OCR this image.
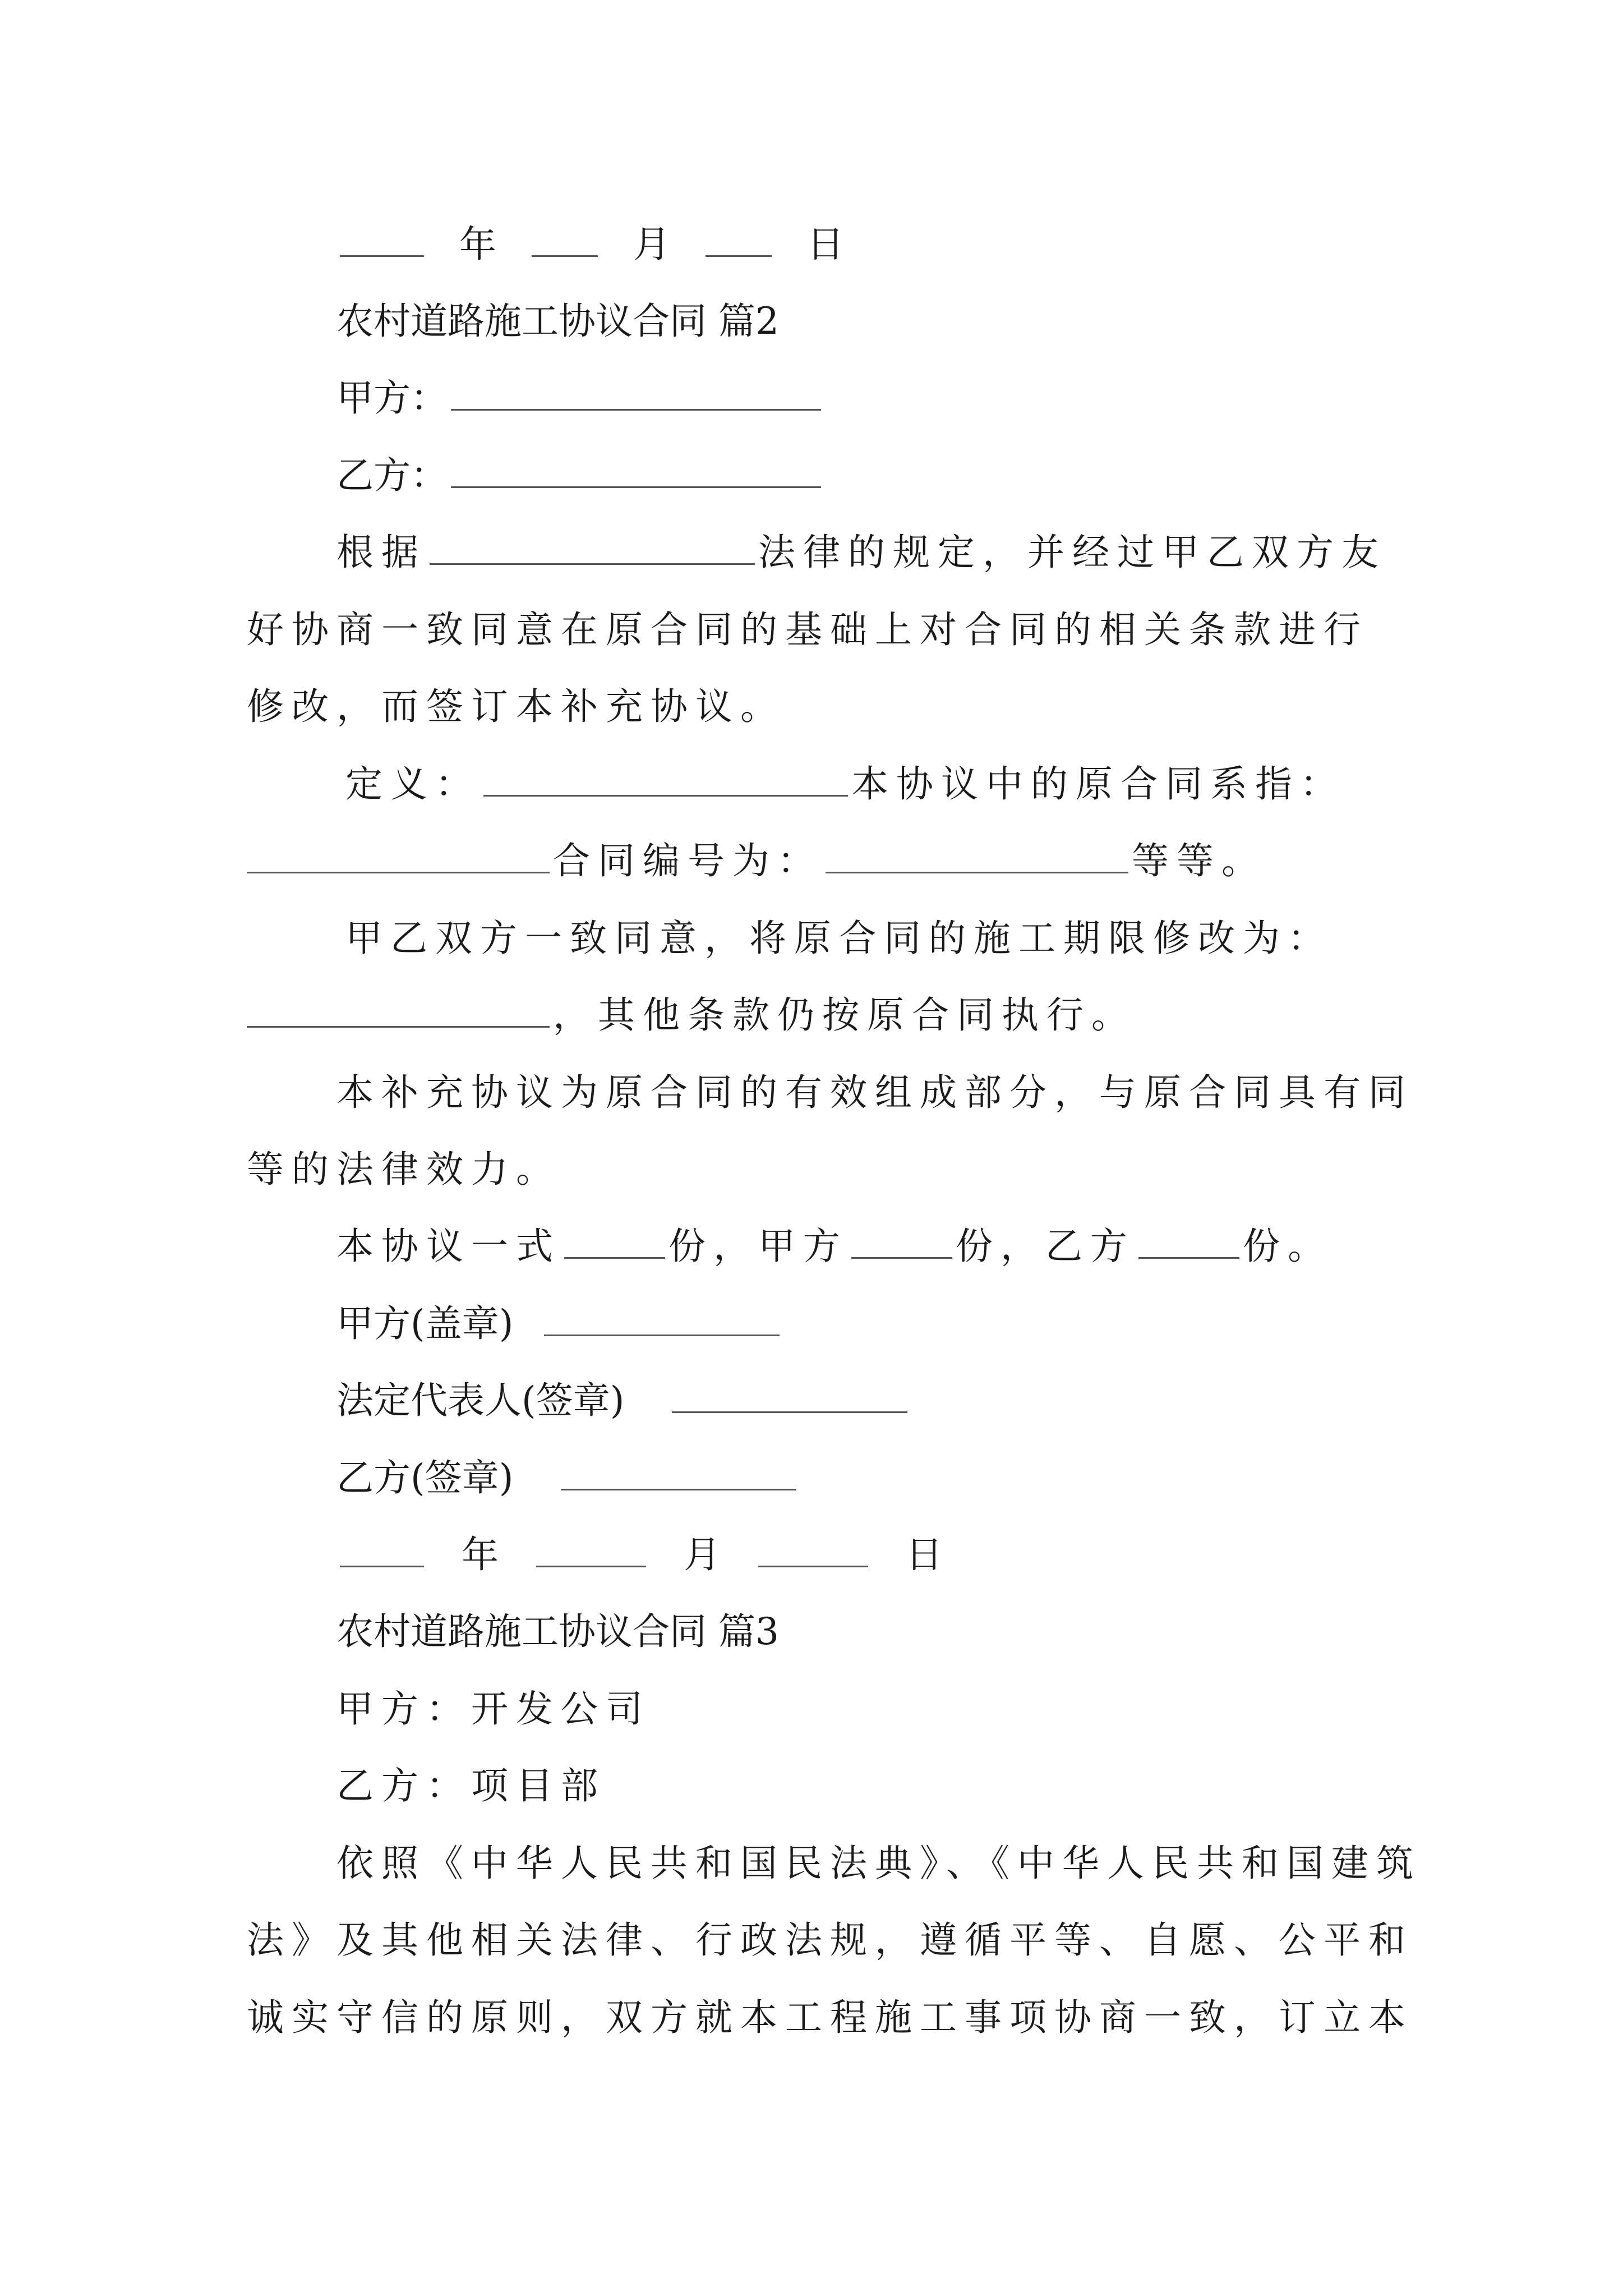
年	月	日
农村道路施工协议合同 篇2
甲方：
乙方：
根据	法律的规定，并经过甲乙双方友
好协商一致同意在原合同的基础上对合同的相关条款进行
修改，而签订本补充协议。
定义：	本协议中的原合同系指：
合同编号为：	等等。
甲乙双方一致同意，将原合同的施工期限修改为：
，其他条款仍按原合同执行。
本补充协议为原合同的有效组成部分，与原合同具有同
等的法律效力。
本协议一式	份，甲方	份，乙方	份。
甲方(盖章)
法定代表人(签章)
乙方(签章)
年	月	日
农村道路施工协议合同 篇3
甲方：开发公司
乙方：项目部
依照《中华人民共和国民法典》、《中华人民共和国建筑
法》及其他相关法律、行政法规，遵循平等、自愿、公平和
诚实守信的原则，双方就本工程施工事项协商一致，订立本
